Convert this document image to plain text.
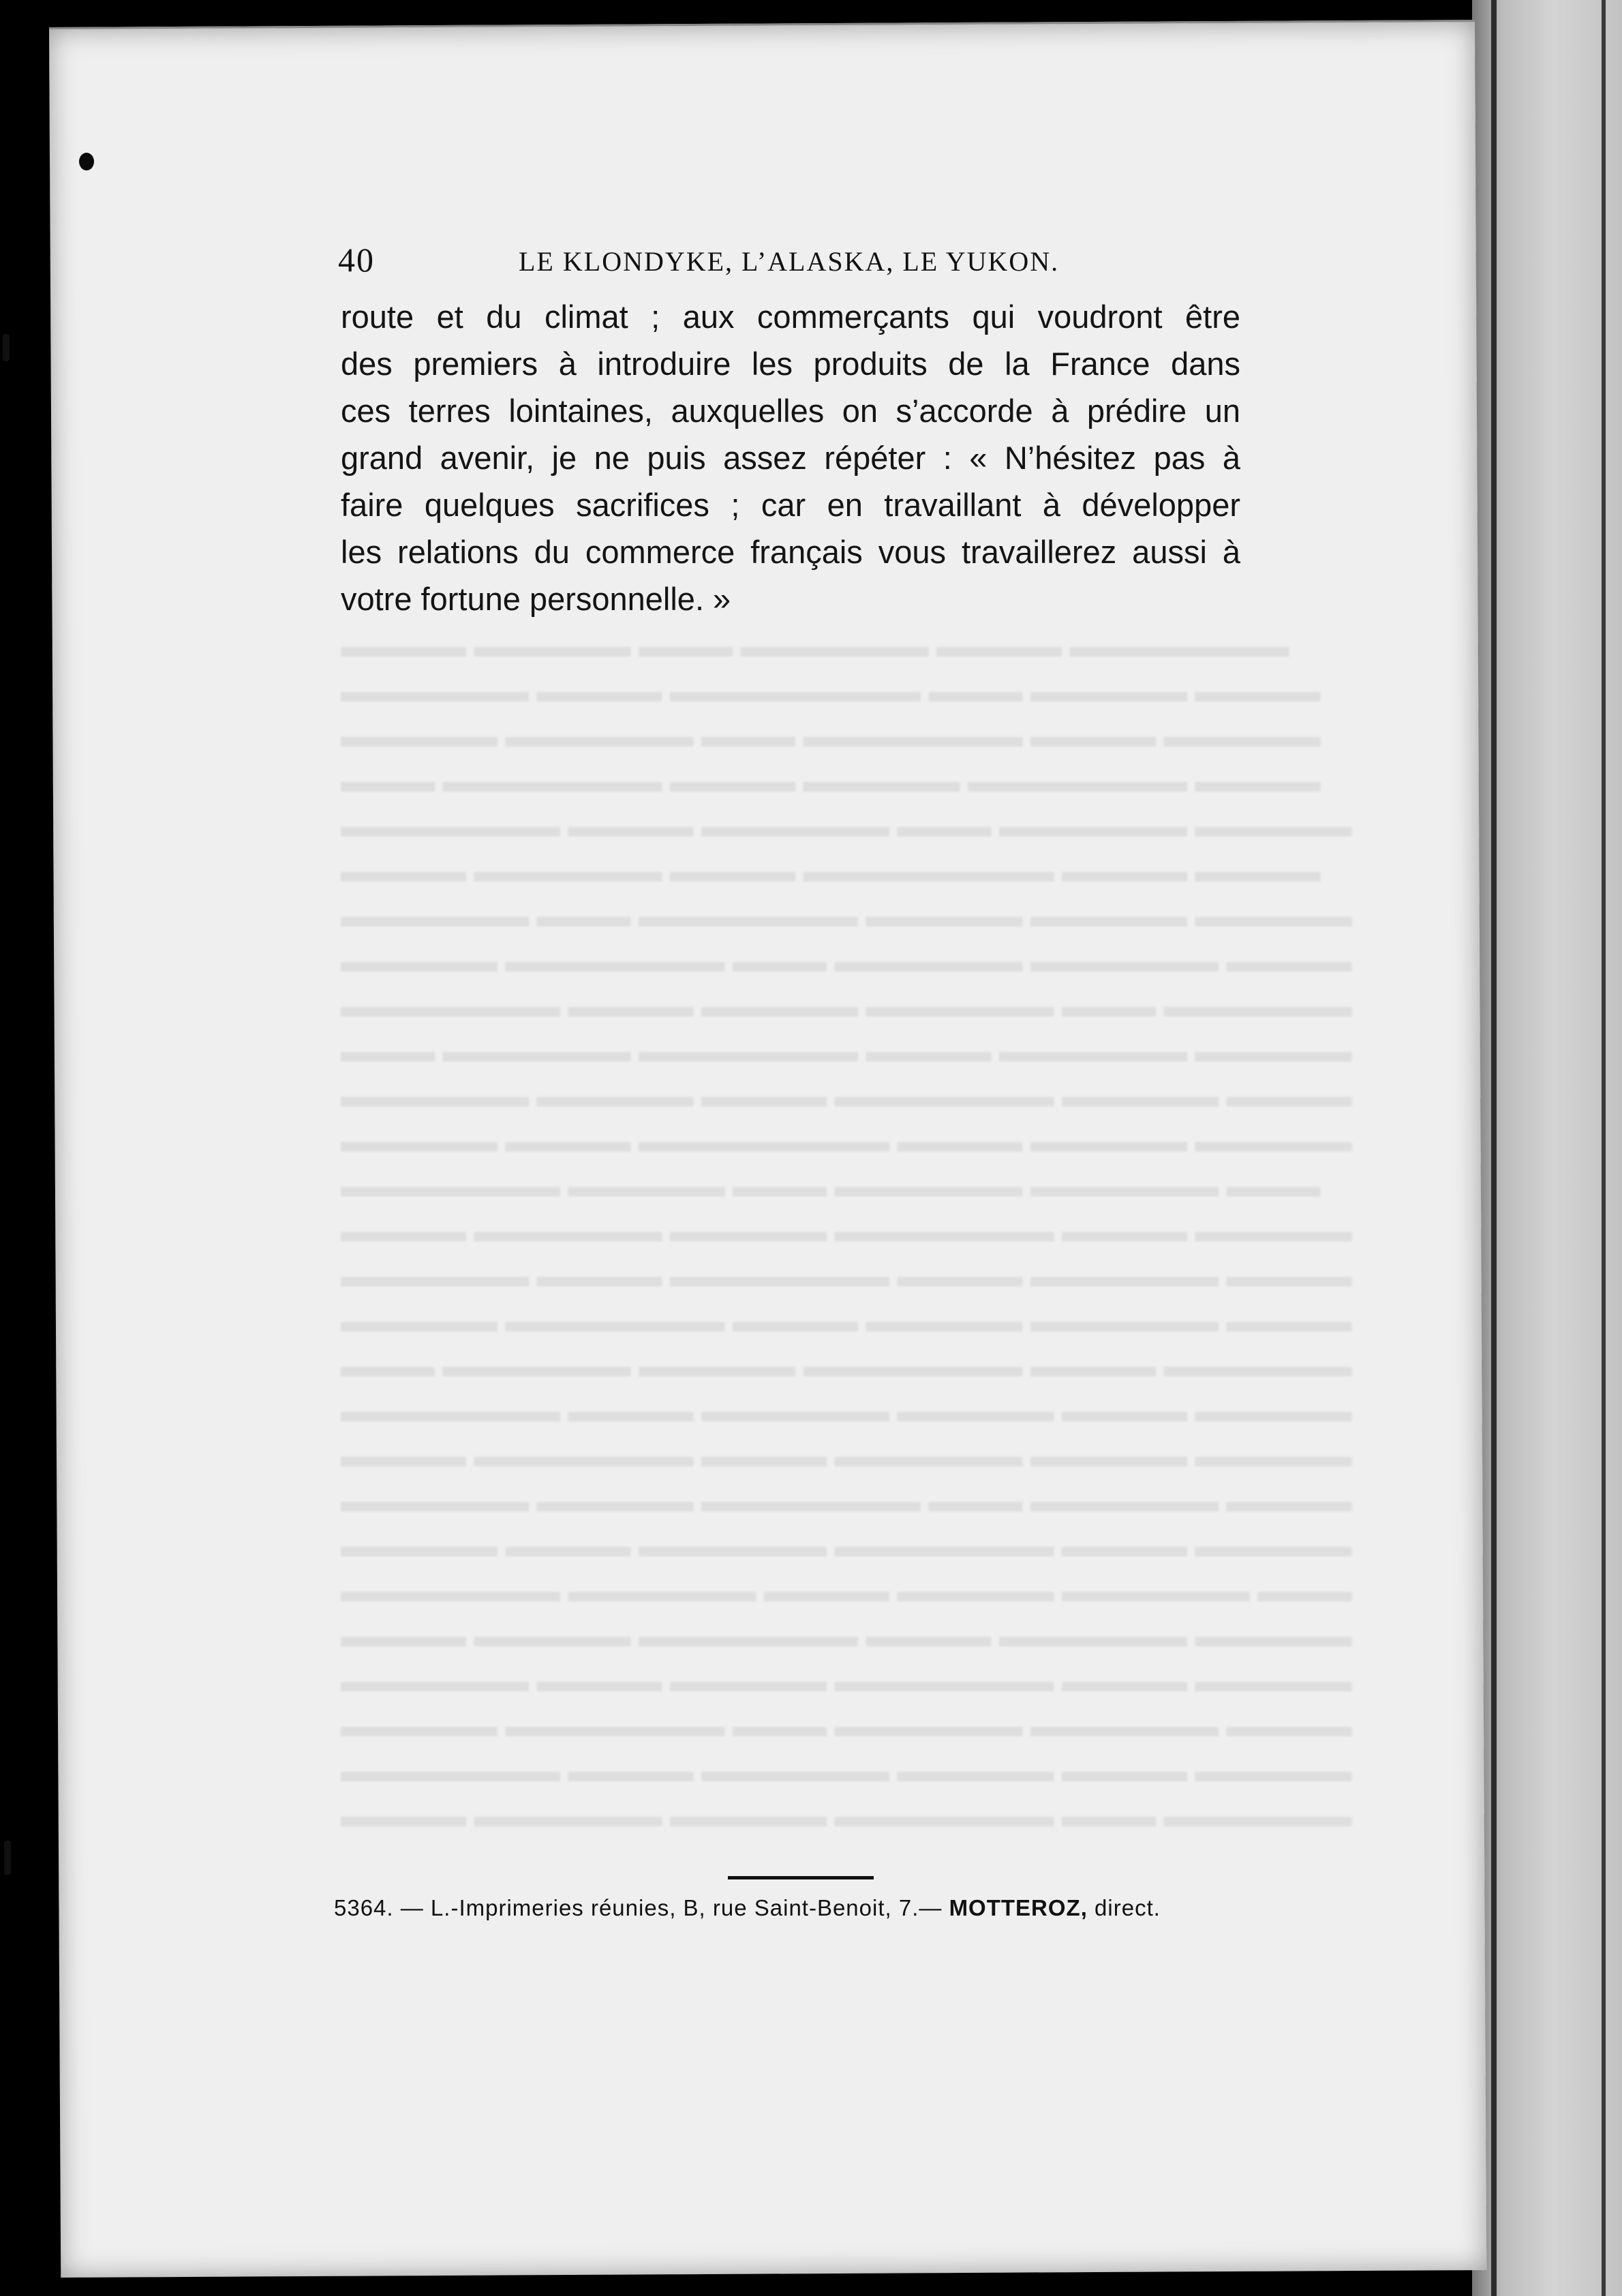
40	LE KLONDYKE, L’ALASKA, LE YUKON.
route et du climat ; aux commerçants qui voudront être
des premiers à introduire les produits de la France dans
ces terres lointaines, auxquelles on s’accorde à prédire un
grand avenir, je ne puis assez répéter : « N’hésitez pas à
faire quelques sacrifices ; car en travaillant à développer
les relations du commerce français vous travaillerez aussi à
votre fortune personnelle. »
5364. — L.-Imprimeries réunies, B, rue Saint-Benoit, 7.— MOTTEROZ, direct.
